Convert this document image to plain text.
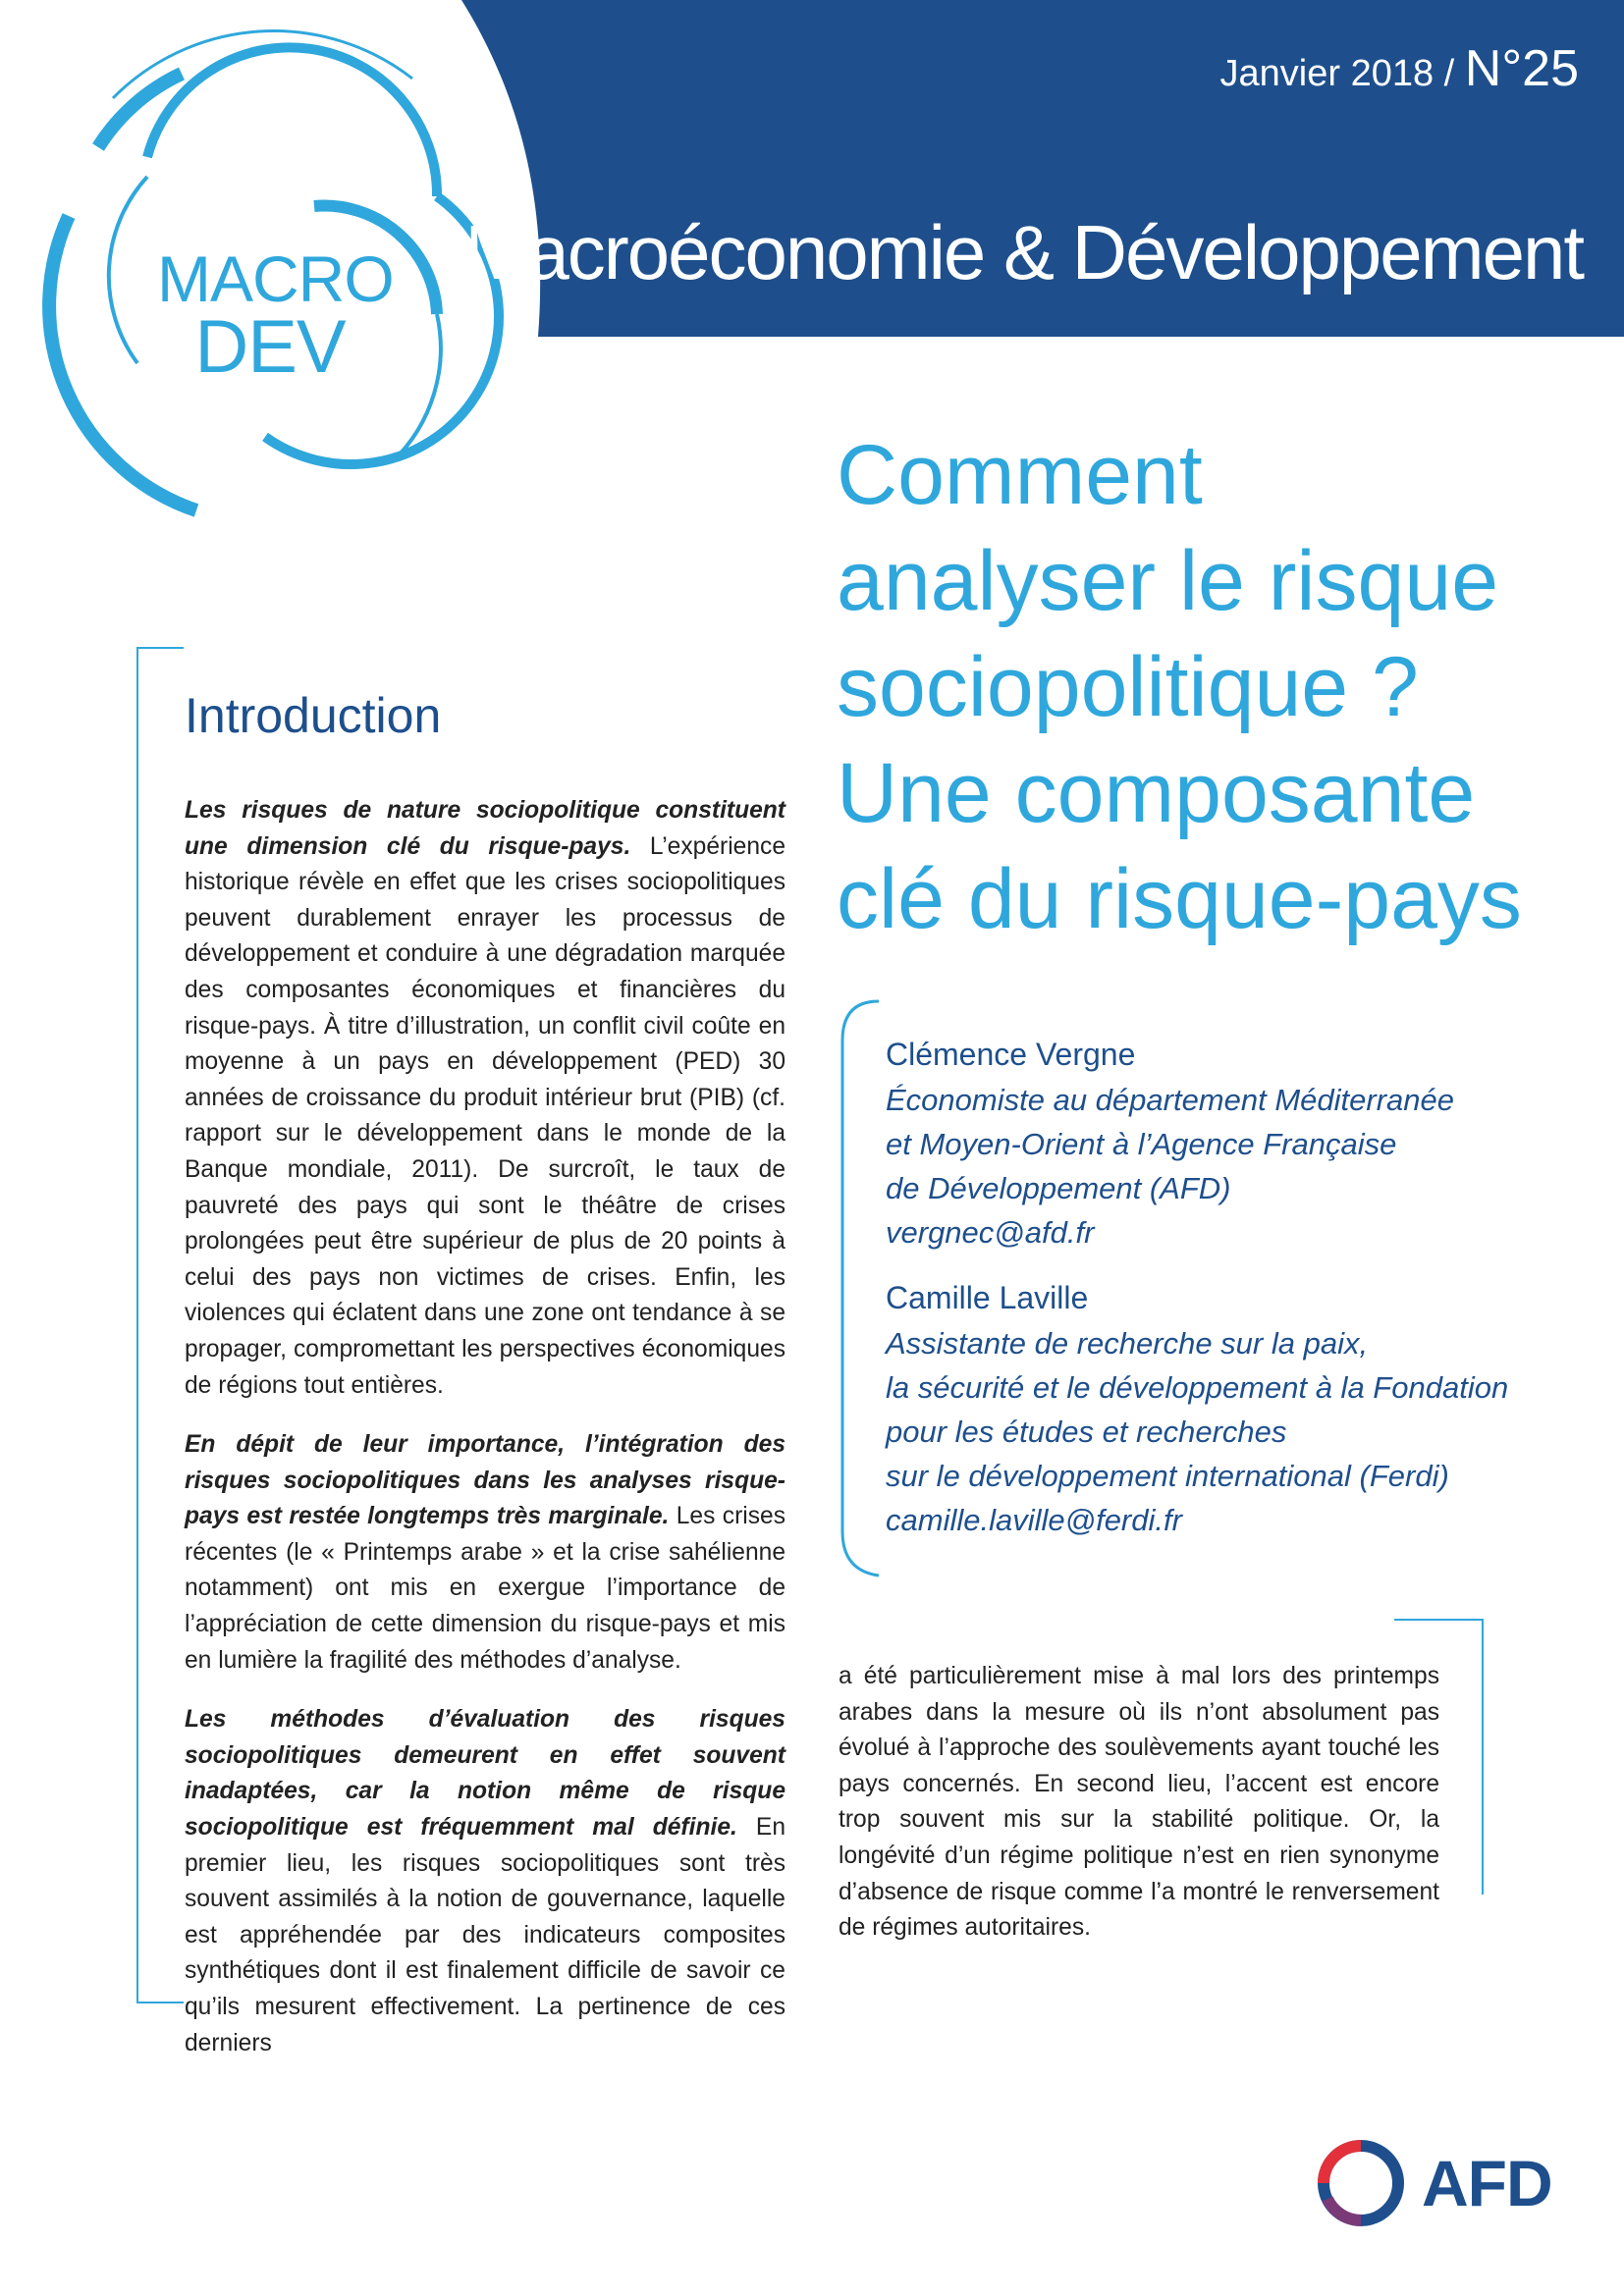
MACRO
DEV
Janvier 2018 / N°25
Macroéconomie & Développement
Comment
analyser le risque
sociopolitique ?
Une composante
clé du risque-pays
Clémence Vergne
Économiste au département Méditerranée
et Moyen-Orient à l’Agence Française
de Développement (AFD)
vergnec@afd.fr
Camille Laville
Assistante de recherche sur la paix,
la sécurité et le développement à la Fondation
pour les études et recherches
sur le développement international (Ferdi)
camille.laville@ferdi.fr
Introduction

Les risques de nature sociopolitique constituent une dimension clé du risque-pays. L’expérience historique révèle en effet que les crises sociopolitiques peuvent durablement enrayer les processus de développement et conduire à une dégradation marquée des composantes économiques et financières du risque-pays. À titre d’illustration, un conflit civil coûte en moyenne à un pays en développement (PED) 30 années de croissance du produit intérieur brut (PIB) (cf. rapport sur le développement dans le monde de la Banque mondiale, 2011). De surcroît, le taux de pauvreté des pays qui sont le théâtre de crises prolongées peut être supérieur de plus de 20 points à celui des pays non victimes de crises. Enfin, les violences qui éclatent dans une zone ont tendance à se propager, compromettant les perspectives économiques de régions tout entières.

En dépit de leur importance, l’intégration des risques sociopolitiques dans les analyses risque-pays est restée longtemps très marginale. Les crises récentes (le « Printemps arabe » et la crise sahélienne notamment) ont mis en exergue l’importance de l’appréciation de cette dimension du risque-pays et mis en lumière la fragilité des méthodes d’analyse.

Les méthodes d’évaluation des risques sociopolitiques demeurent en effet souvent inadaptées, car la notion même de risque sociopolitique est fréquemment mal définie. En premier lieu, les risques sociopolitiques sont très souvent assimilés à la notion de gouvernance, laquelle est appréhendée par des indicateurs composites synthétiques dont il est finalement difficile de savoir ce qu’ils mesurent effectivement. La pertinence de ces derniers

a été particulièrement mise à mal lors des printemps arabes dans la mesure où ils n’ont absolument pas évolué à l’approche des soulèvements ayant touché les pays concernés. En second lieu, l’accent est encore trop souvent mis sur la stabilité politique. Or, la longévité d’un régime politique n’est en rien synonyme d’absence de risque comme l’a montré le renversement de régimes autoritaires.

AFD
